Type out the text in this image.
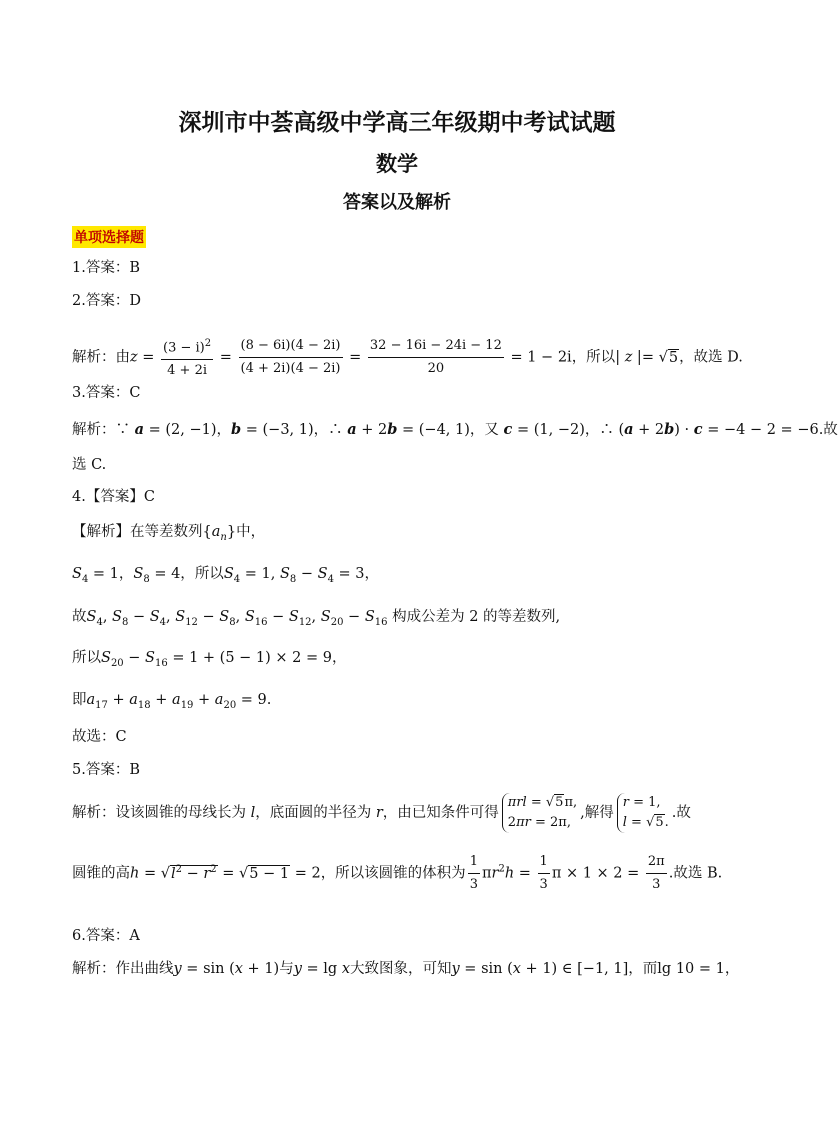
深圳市中荟高级中学高三年级期中考试试题
数学
答案以及解析
单项选择题
1.答案：B
2.答案：D
解析：由$z = \frac{(3 - i)^2}{4 + 2i} = \frac{(8 - 6i)(4 - 2i)}{(4 + 2i)(4 - 2i)} = \frac{32 - 16i - 24i - 12}{20} = 1 - 2i$，所以| z |= √5，故选 D.
3.答案：C
解析：∵ a = (2, −1)，b = (−3, 1)，∴ a + 2b = (−4, 1)，又 c = (1, −2)，∴ (a + 2b) · c = −4 − 2 = −6.故
选 C.
4.【答案】C
【解析】在等差数列$\{a_n\}$中，
$S_4 = 1$，$S_8 = 4$，所以$S_4 = 1$, $S_8 - S_4 = 3$，
故$S_4$, $S_8 - S_4$, $S_{12} - S_8$, $S_{16} - S_{12}$, $S_{20} - S_{16}$ 构成公差为 2 的等差数列,
所以$S_{20} - S_{16} = 1 + (5 - 1) \times 2 = 9$，
即$a_{17} + a_{18} + a_{19} + a_{20} = 9$.
故选：C
5.答案：B
解析：设该圆锥的母线长为 l，底面圆的半径为 r，由已知条件可得πrl = √5π,
2πr = 2π,,解得r = 1,
l = √5..故
圆锥的高$h = √l^2 - r^2 = √5 - 1 = 2$，所以该圆锥的体积为 $\frac{1}{3} \pi r^2h = \frac{1}{3}$ $\pi \times 1 \times 2 = \frac{2\pi}{3}$ .故选 B.
6.答案：A
解析：作出曲线y = sin (x + 1)与y = lg x大致图象，可知y = sin (x + 1) ∈ [−1, 1]，而lg 10 = 1，
